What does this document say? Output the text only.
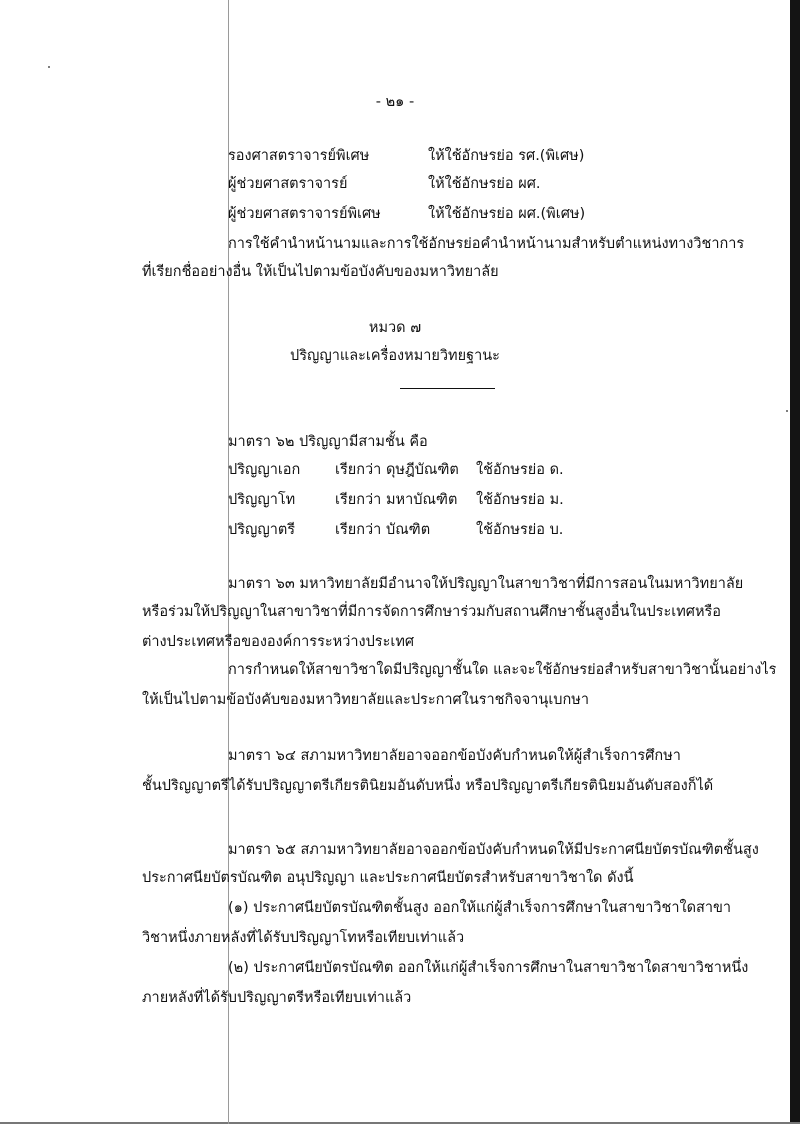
- ๒๑ -
รองศาสตราจารย์พิเศษ	ให้ใช้อักษรย่อ รศ.(พิเศษ)
ผู้ช่วยศาสตราจารย์	ให้ใช้อักษรย่อ ผศ.
ผู้ช่วยศาสตราจารย์พิเศษ	ให้ใช้อักษรย่อ ผศ.(พิเศษ)
การใช้คำนำหน้านามและการใช้อักษรย่อคำนำหน้านามสำหรับตำแหน่งทางวิชาการ
ที่เรียกชื่ออย่างอื่น ให้เป็นไปตามข้อบังคับของมหาวิทยาลัย
หมวด ๗
ปริญญาและเครื่องหมายวิทยฐานะ
มาตรา ๖๒ ปริญญามีสามชั้น คือ
ปริญญาเอก เรียกว่า ดุษฎีบัณฑิต ใช้อักษรย่อ ด.
ปริญญาโท	เรียกว่า มหาบัณฑิต ใช้อักษรย่อ ม.
ปริญญาตรี	เรียกว่า บัณฑิต	ใช้อักษรย่อ บ.
มาตรา ๖๓ มหาวิทยาลัยมีอำนาจให้ปริญญาในสาขาวิชาที่มีการสอนในมหาวิทยาลัย
หรือร่วมให้ปริญญาในสาขาวิชาที่มีการจัดการศึกษาร่วมกับสถานศึกษาชั้นสูงอื่นในประเทศหรือ
ต่างประเทศหรือขององค์การระหว่างประเทศ
การกำหนดให้สาขาวิชาใดมีปริญญาชั้นใด และจะใช้อักษรย่อสำหรับสาขาวิชานั้นอย่างไร
ให้เป็นไปตามข้อบังคับของมหาวิทยาลัยและประกาศในราชกิจจานุเบกษา
มาตรา ๖๔ สภามหาวิทยาลัยอาจออกข้อบังคับกำหนดให้ผู้สำเร็จการศึกษา
ชั้นปริญญาตรีได้รับปริญญาตรีเกียรตินิยมอันดับหนึ่ง หรือปริญญาตรีเกียรตินิยมอันดับสองก็ได้
มาตรา ๖๕ สภามหาวิทยาลัยอาจออกข้อบังคับกำหนดให้มีประกาศนียบัตรบัณฑิตชั้นสูง
ประกาศนียบัตรบัณฑิต อนุปริญญา และประกาศนียบัตรสำหรับสาขาวิชาใด ดังนี้
(๑) ประกาศนียบัตรบัณฑิตชั้นสูง ออกให้แก่ผู้สำเร็จการศึกษาในสาขาวิชาใดสาขา
วิชาหนึ่งภายหลังที่ได้รับปริญญาโทหรือเทียบเท่าแล้ว
(๒) ประกาศนียบัตรบัณฑิต ออกให้แก่ผู้สำเร็จการศึกษาในสาขาวิชาใดสาขาวิชาหนึ่ง
ภายหลังที่ได้รับปริญญาตรีหรือเทียบเท่าแล้ว
